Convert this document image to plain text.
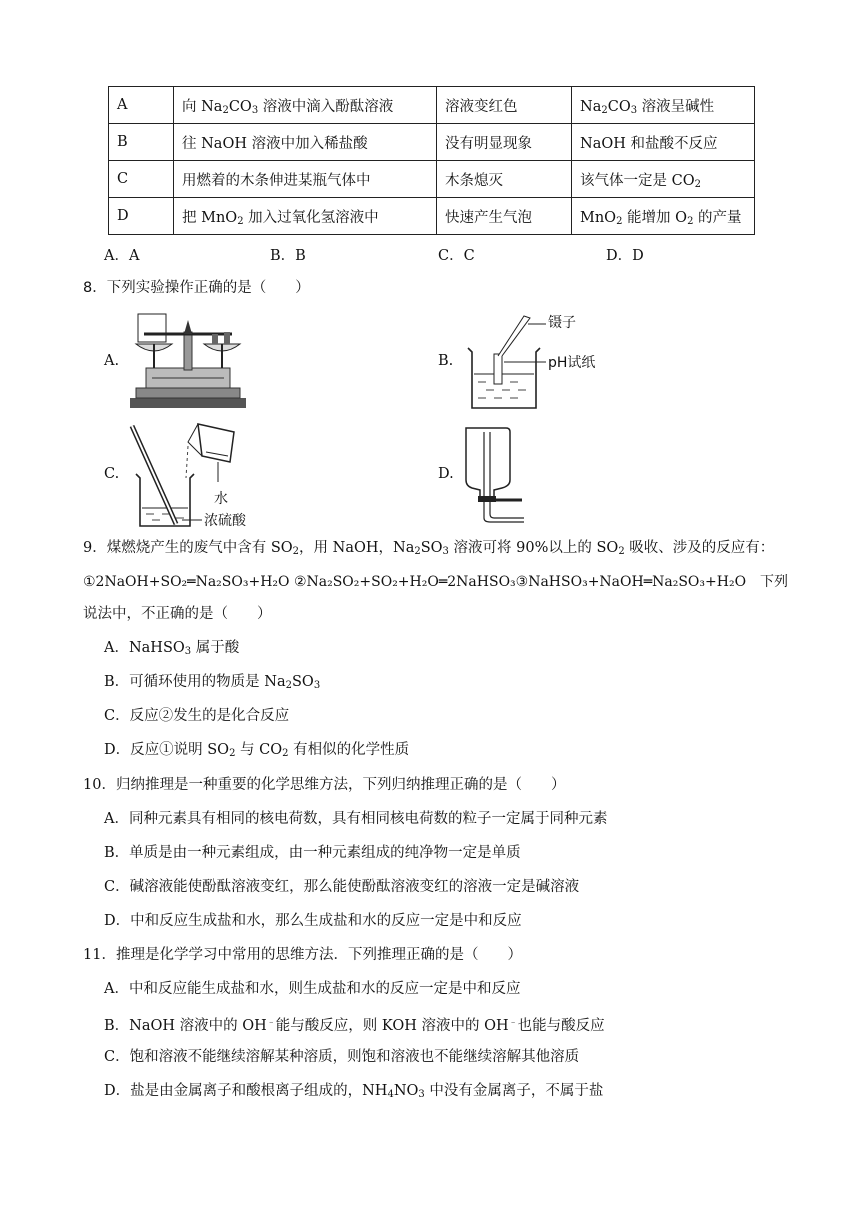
A	向 $Na_2CO_3$ 溶液中滴入酚酞溶液	溶液变红色	$Na_2CO_3$ 溶液呈碱性
B	往 NaOH 溶液中加入稀盐酸	没有明显现象	NaOH 和盐酸不反应
C	用燃着的木条伸进某瓶气体中	木条熄灭	该气体一定是 $CO_2$
D	把 MnO$_2$ 加入过氧化氢溶液中	快速产生气泡	MnO$_2$ 能增加 $O_2$ 的产量
A．A	B．B	C．C	D．D
8．下列实验操作正确的是（　　）
A.	B.
镊子
pH试纸
C.
水
浓硫酸
D.
9．煤燃烧产生的废气中含有 $SO_2$，用 NaOH，$Na_2SO_3$ 溶液可将 90%以上的 $SO_2$ 吸收、涉及的反应有：
①2NaOH+SO₂═Na₂SO₃+H₂O ②Na₂SO₂+SO₂+H₂O═2NaHSO₃③NaHSO₃+NaOH═Na₂SO₃+H₂O　下列
说法中，不正确的是（　　）
A．NaHSO$_3$ 属于酸
B．可循环使用的物质是 $Na_2SO_3$
C．反应②发生的是化合反应
D．反应①说明 $SO_2$ 与 $CO_2$ 有相似的化学性质
10．归纳推理是一种重要的化学思维方法，下列归纳推理正确的是（　　）
A．同种元素具有相同的核电荷数，具有相同核电荷数的粒子一定属于同种元素
B．单质是由一种元素组成，由一种元素组成的纯净物一定是单质
C．碱溶液能使酚酞溶液变红，那么能使酚酞溶液变红的溶液一定是碱溶液
D．中和反应生成盐和水，那么生成盐和水的反应一定是中和反应
11．推理是化学学习中常用的思维方法．下列推理正确的是（　　）
A．中和反应能生成盐和水，则生成盐和水的反应一定是中和反应
B．NaOH 溶液中的 OH﹣能与酸反应，则 KOH 溶液中的 OH﹣也能与酸反应
C．饱和溶液不能继续溶解某种溶质，则饱和溶液也不能继续溶解其他溶质
D．盐是由金属离子和酸根离子组成的，$NH_4NO_3$ 中没有金属离子，不属于盐
